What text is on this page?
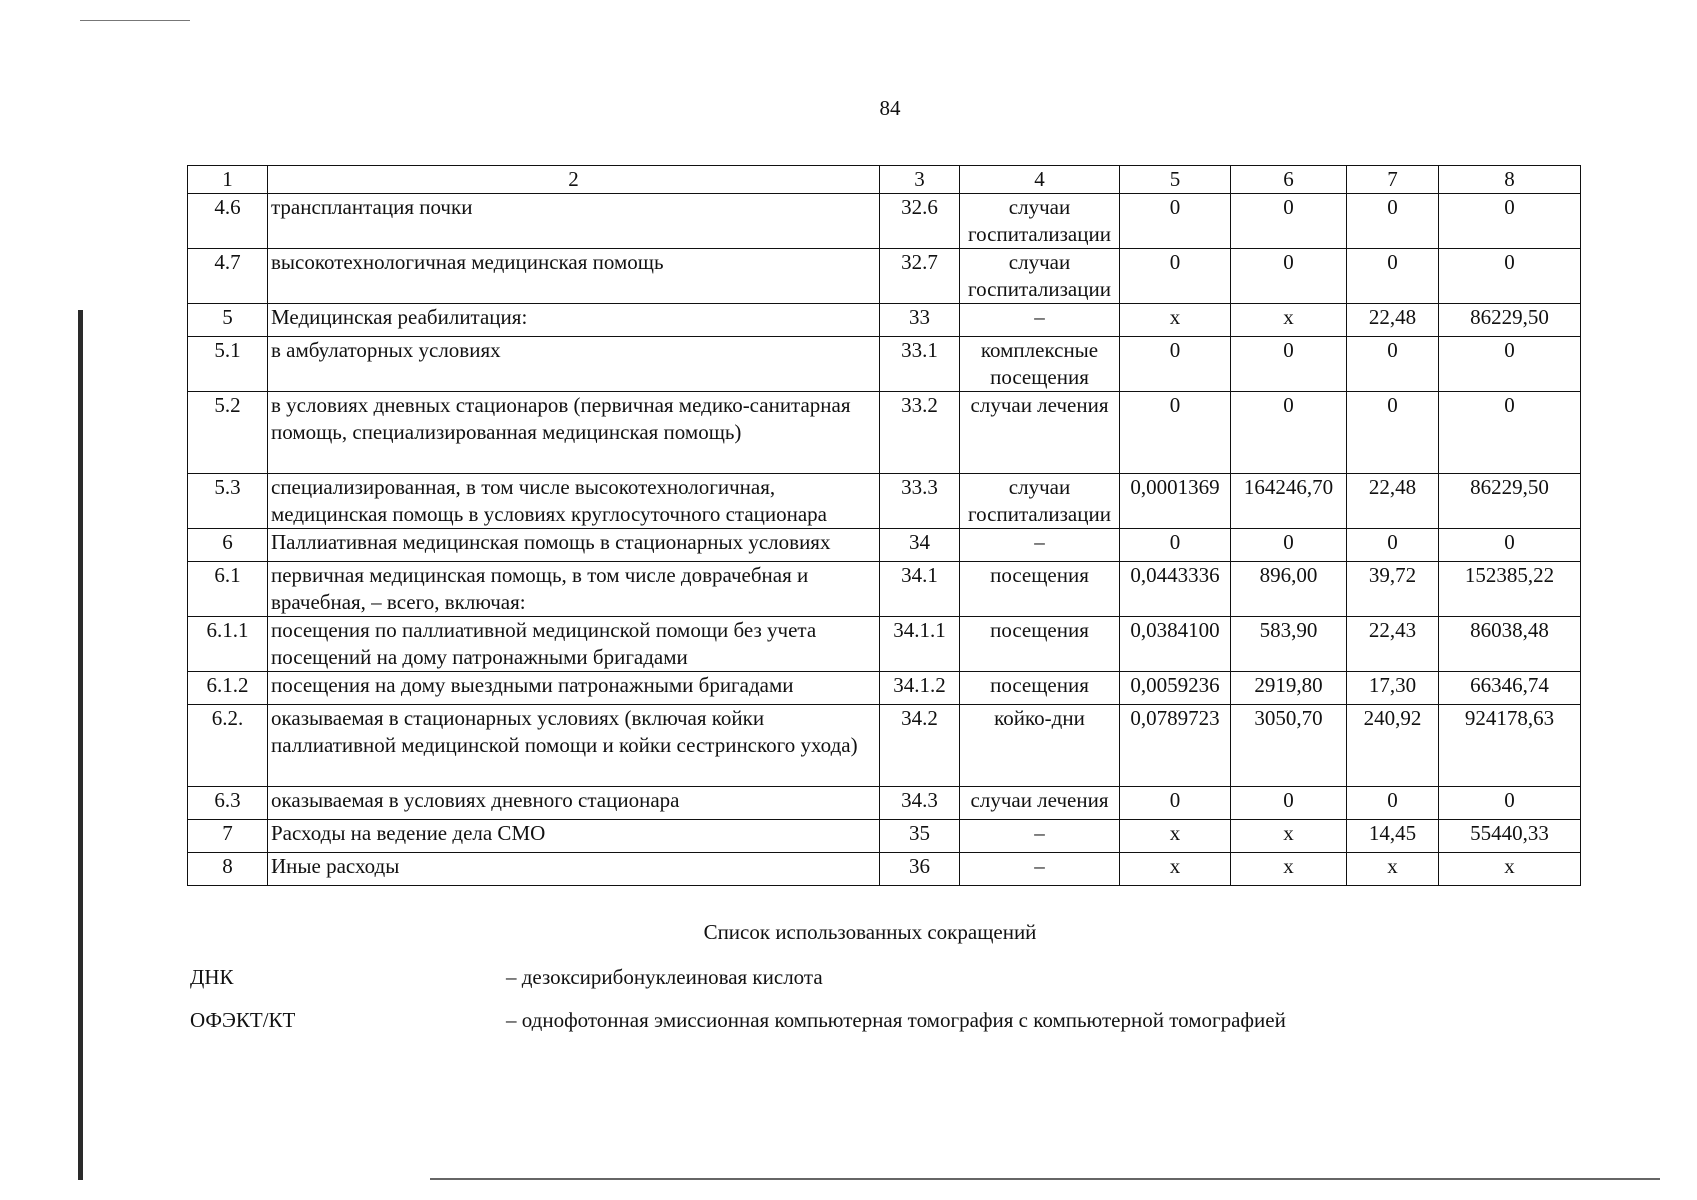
84
1	2	3	4	5	6	7	8
4.6	трансплантация почки	32.6	случаи госпитализации	0	0	0	0
4.7	высокотехнологичная медицинская помощь	32.7	случаи госпитализации	0	0	0	0
5	Медицинская реабилитация:	33	–	х	х	22,48	86229,50
5.1	в амбулаторных условиях	33.1	комплексные посещения	0	0	0	0
5.2	в условиях дневных стационаров (первичная медико-санитарная помощь, специализированная медицинская помощь)	33.2	случаи лечения	0	0	0	0
5.3	специализированная, в том числе высокотехнологичная, медицинская помощь в условиях круглосуточного стационара	33.3	случаи госпитализации	0,0001369	164246,70	22,48	86229,50
6	Паллиативная медицинская помощь в стационарных условиях	34	–	0	0	0	0
6.1	первичная медицинская помощь, в том числе доврачебная и врачебная, – всего, включая:	34.1	посещения	0,0443336	896,00	39,72	152385,22
6.1.1	посещения по паллиативной медицинской помощи без учета посещений на дому патронажными бригадами	34.1.1	посещения	0,0384100	583,90	22,43	86038,48
6.1.2	посещения на дому выездными патронажными бригадами	34.1.2	посещения	0,0059236	2919,80	17,30	66346,74
6.2.	оказываемая в стационарных условиях (включая койки паллиативной медицинской помощи и койки сестринского ухода)	34.2	койко-дни	0,0789723	3050,70	240,92	924178,63
6.3	оказываемая в условиях дневного стационара	34.3	случаи лечения	0	0	0	0
7	Расходы на ведение дела СМО	35	–	х	х	14,45	55440,33
8	Иные расходы	36	–	х	х	х	х
Список использованных сокращений
ДНК	– дезоксирибонуклеиновая кислота
ОФЭКТ/КТ	– однофотонная эмиссионная компьютерная томография с компьютерной томографией
